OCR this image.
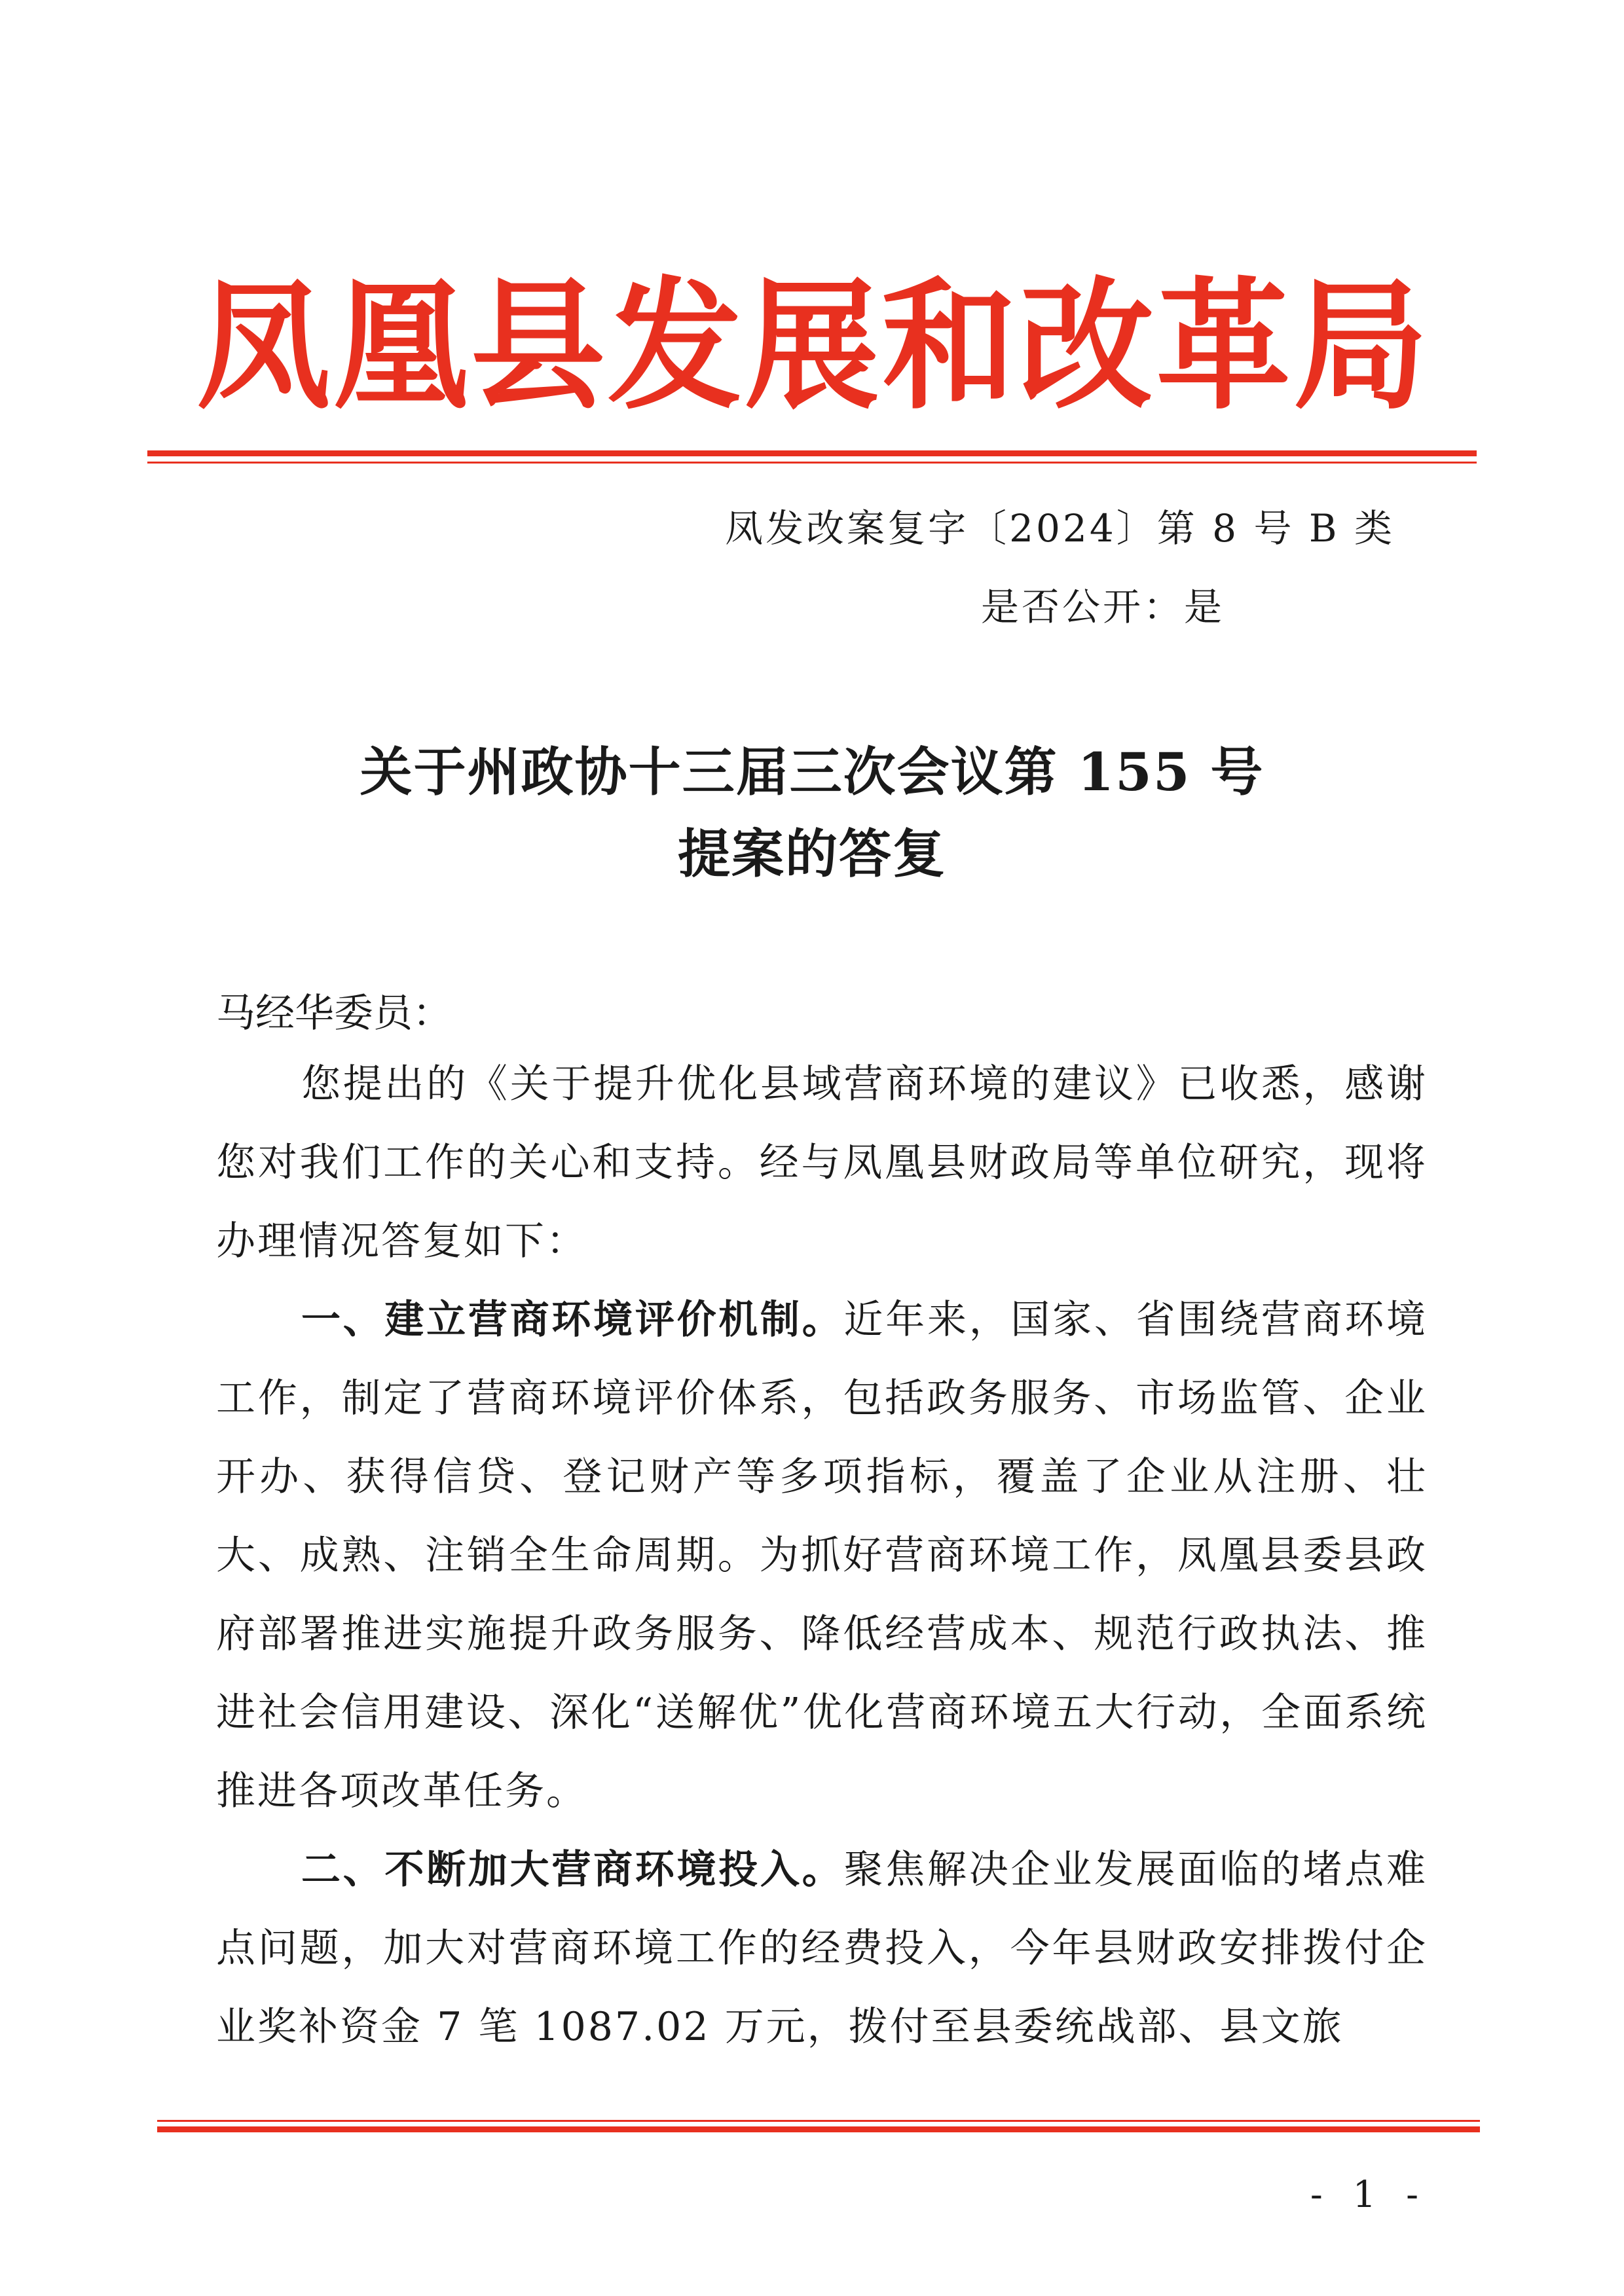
凤 凰 县 发 展 和 改 革 局
凤发改案复字〔2024〕第 8 号 B 类
是否公开：是
关于州政协十三届三次会议第 155 号
提案的答复
马经华委员：

您提出的《关于提升优化县域营商环境的建议》已收悉，感谢您对我们工作的关心和支持。经与凤凰县财政局等单位研究，现将办理情况答复如下：

一、建立营商环境评价机制。近年来，国家、省围绕营商环境工作，制定了营商环境评价体系，包括政务服务、市场监管、企业开办、获得信贷、登记财产等多项指标，覆盖了企业从注册、壮大、成熟、注销全生命周期。为抓好营商环境工作，凤凰县委县政府部署推进实施提升政务服务、降低经营成本、规范行政执法、推进社会信用建设、深化“送解优”优化营商环境五大行动，全面系统推进各项改革任务。

二、不断加大营商环境投入。聚焦解决企业发展面临的堵点难点问题，加大对营商环境工作的经费投入，今年县财政安排拨付企业奖补资金 7 笔 1087.02 万元，拨付至县委统战部、县文旅

- 1 -
